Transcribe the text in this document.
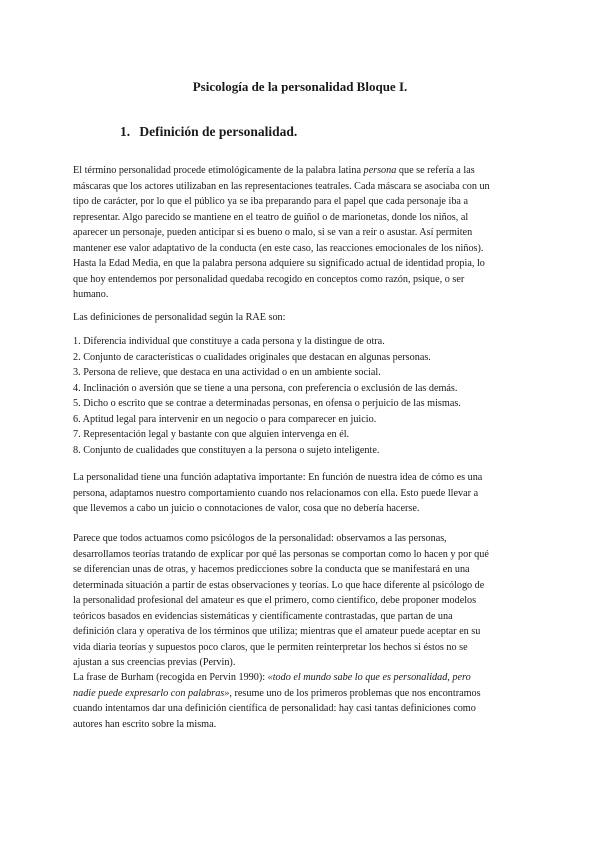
Psicología de la personalidad Bloque I.
1. Definición de personalidad.
El término personalidad procede etimológicamente de la palabra latina persona que se refería a las
máscaras que los actores utilizaban en las representaciones teatrales. Cada máscara se asociaba con un
tipo de carácter, por lo que el público ya se iba preparando para el papel que cada personaje iba a
representar. Algo parecido se mantiene en el teatro de guiñol o de marionetas, donde los niños, al
aparecer un personaje, pueden anticipar si es bueno o malo, si se van a reír o asustar. Así permiten
mantener ese valor adaptativo de la conducta (en este caso, las reacciones emocionales de los niños).
Hasta la Edad Media, en que la palabra persona adquiere su significado actual de identidad propia, lo
que hoy entendemos por personalidad quedaba recogido en conceptos como razón, psique, o ser
humano.
Las definiciones de personalidad según la RAE son:
1. Diferencia individual que constituye a cada persona y la distingue de otra.
2. Conjunto de características o cualidades originales que destacan en algunas personas.
3. Persona de relieve, que destaca en una actividad o en un ambiente social.
4. Inclinación o aversión que se tiene a una persona, con preferencia o exclusión de las demás.
5. Dicho o escrito que se contrae a determinadas personas, en ofensa o perjuicio de las mismas.
6. Aptitud legal para intervenir en un negocio o para comparecer en juicio.
7. Representación legal y bastante con que alguien intervenga en él.
8. Conjunto de cualidades que constituyen a la persona o sujeto inteligente.
La personalidad tiene una función adaptativa importante: En función de nuestra idea de cómo es una
persona, adaptamos nuestro comportamiento cuando nos relacionamos con ella. Esto puede llevar a
que llevemos a cabo un juicio o connotaciones de valor, cosa que no debería hacerse.
Parece que todos actuamos como psicólogos de la personalidad: observamos a las personas,
desarrollamos teorías tratando de explicar por qué las personas se comportan como lo hacen y por qué
se diferencian unas de otras, y hacemos predicciones sobre la conducta que se manifestará en una
determinada situación a partir de estas observaciones y teorías. Lo que hace diferente al psicólogo de
la personalidad profesional del amateur es que el primero, como científico, debe proponer modelos
teóricos basados en evidencias sistemáticas y científicamente contrastadas, que partan de una
definición clara y operativa de los términos que utiliza; mientras que el amateur puede aceptar en su
vida diaria teorías y supuestos poco claros, que le permiten reinterpretar los hechos si éstos no se
ajustan a sus creencias previas (Pervin).
La frase de Burham (recogida en Pervin 1990): «todo el mundo sabe lo que es personalidad, pero
nadie puede expresarlo con palabras», resume uno de los primeros problemas que nos encontramos
cuando intentamos dar una definición científica de personalidad: hay casi tantas definiciones como
autores han escrito sobre la misma.
